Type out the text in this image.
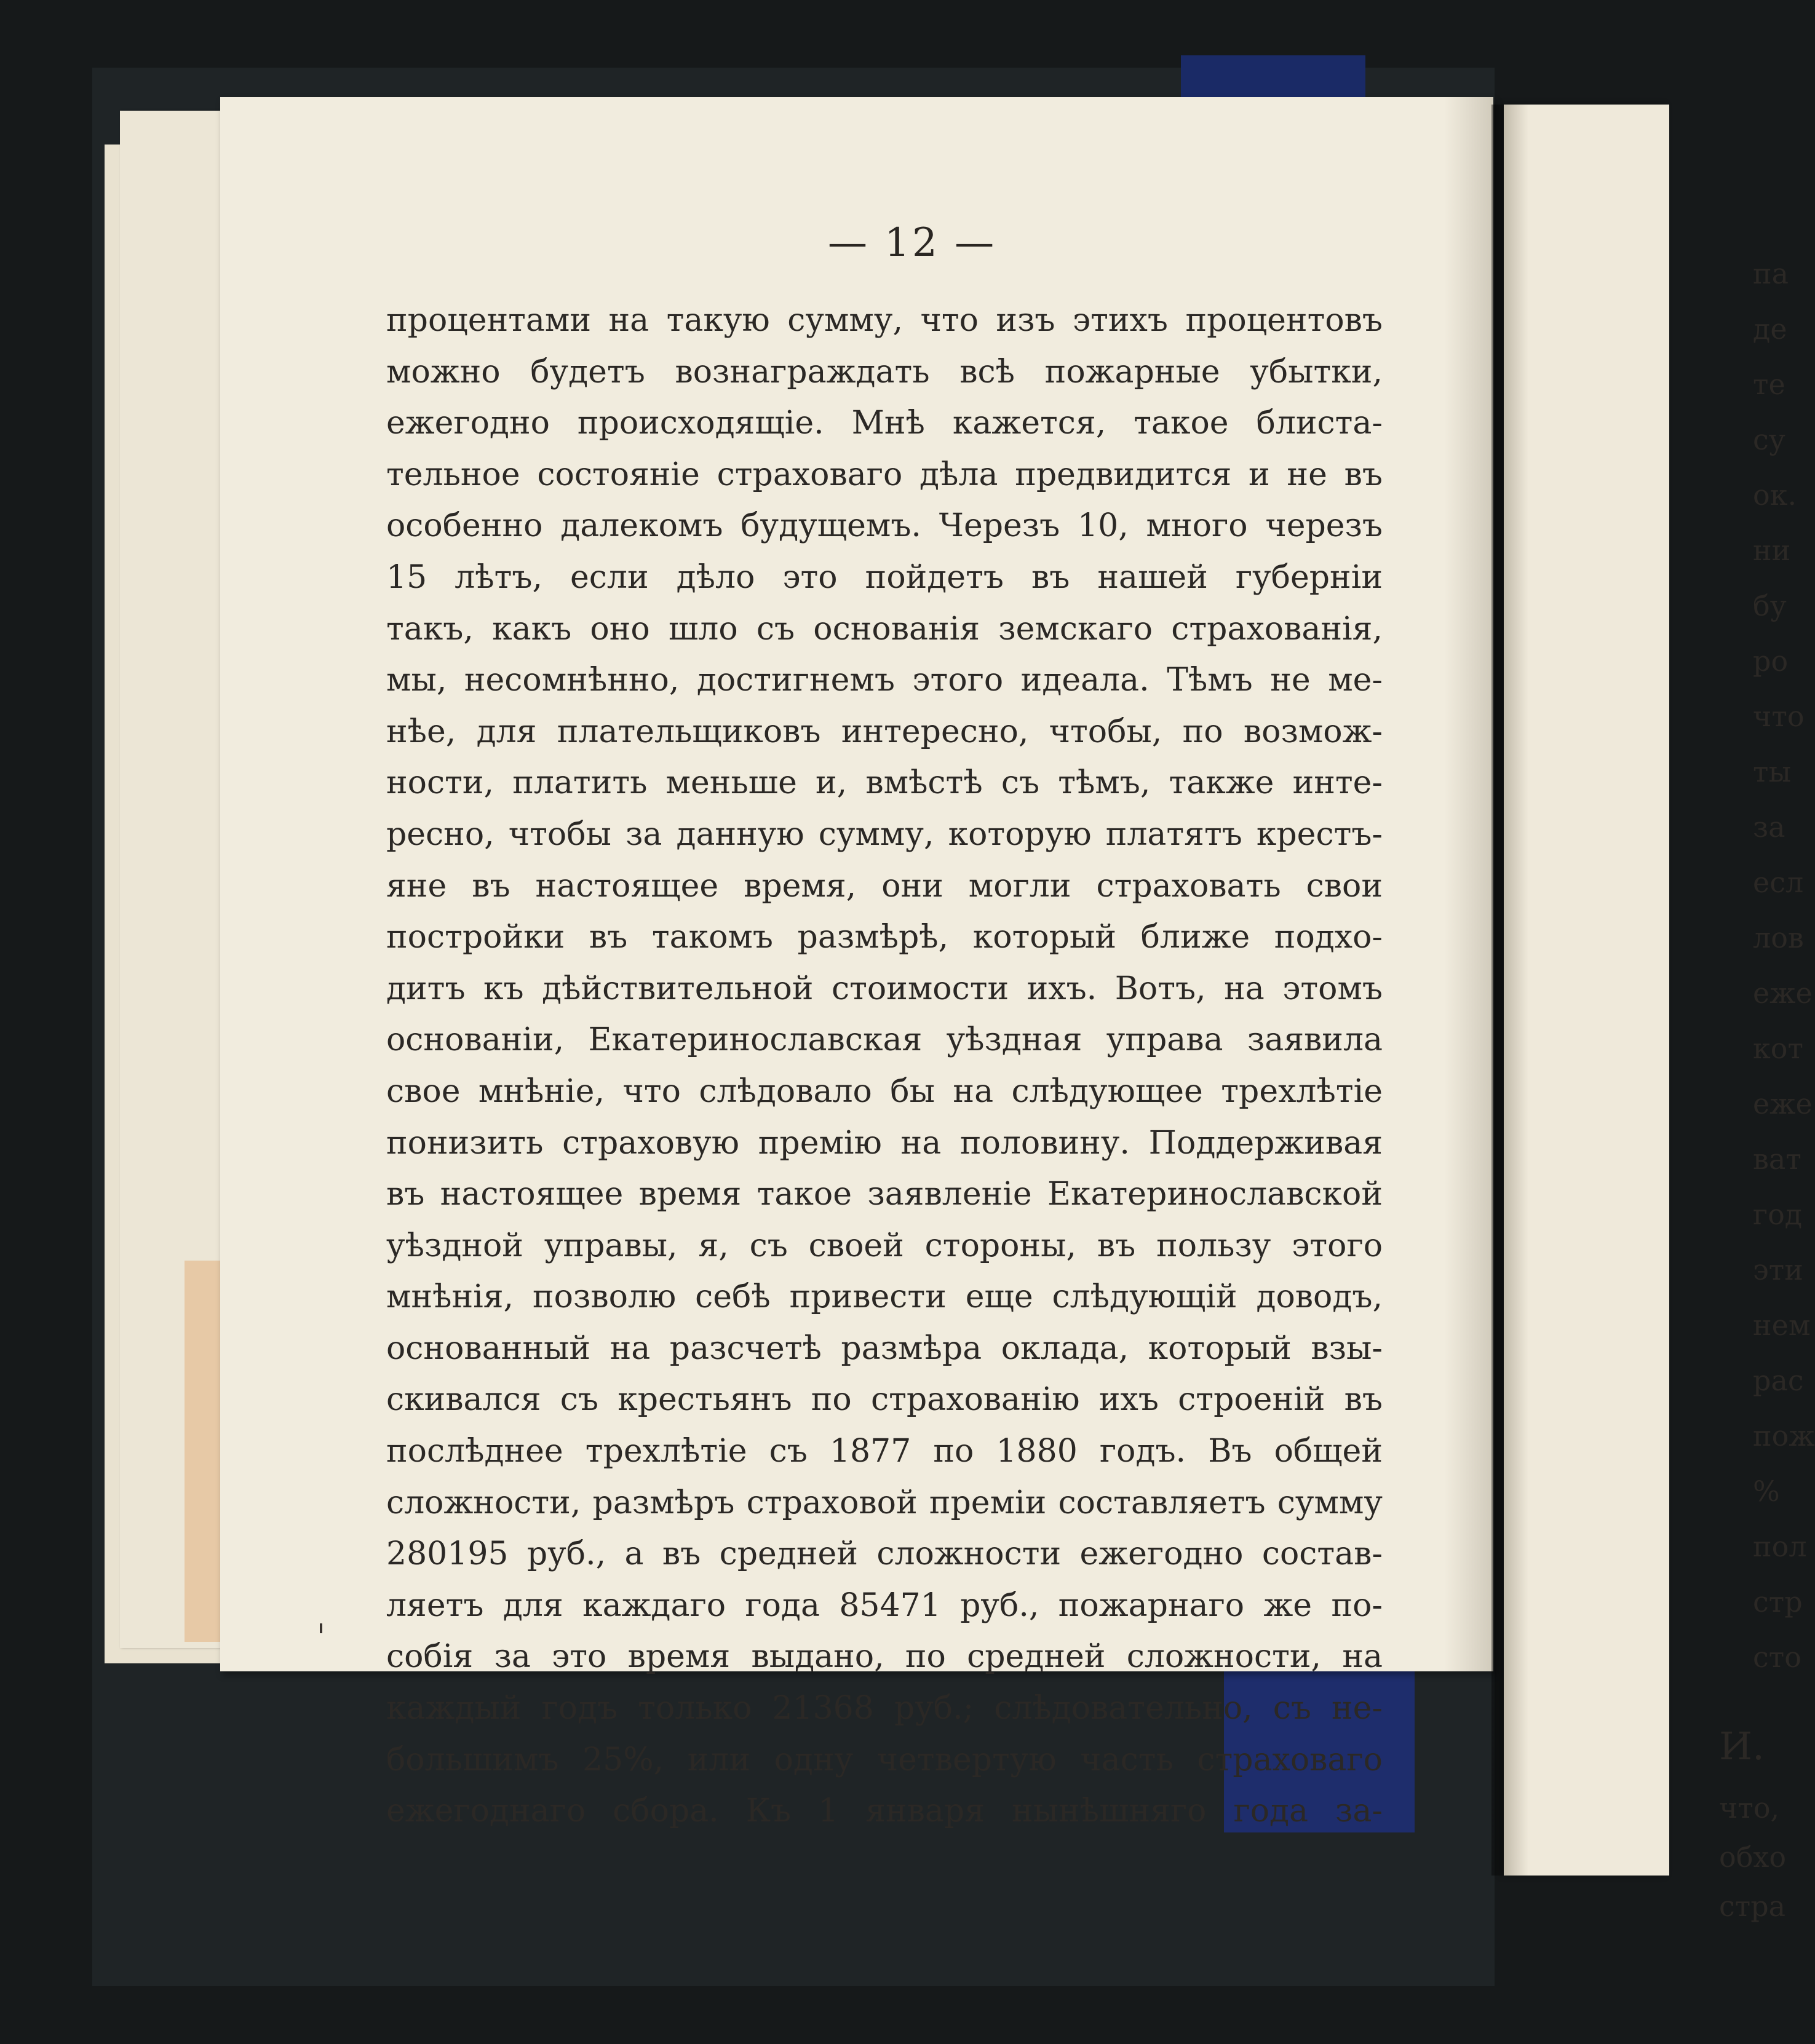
— 12 —
процентами на такую сумму, что изъ этихъ процентовъ
можно будетъ вознаграждать всѣ пожарные убытки,
ежегодно происходящіе. Мнѣ кажется, такое блиста-
тельное состояніе страховаго дѣла предвидится и не въ
особенно далекомъ будущемъ. Черезъ 10, много черезъ
15 лѣтъ, если дѣло это пойдетъ въ нашей губерніи
такъ, какъ оно шло съ основанія земскаго страхованія,
мы, несомнѣнно, достигнемъ этого идеала. Тѣмъ не ме-
нѣе, для плательщиковъ интересно, чтобы, по возмож-
ности, платить меньше и, вмѣстѣ съ тѣмъ, также инте-
ресно, чтобы за данную сумму, которую платятъ крестъ-
яне въ настоящее время, они могли страховать свои
постройки въ такомъ размѣрѣ, который ближе подхо-
дитъ къ дѣйствительной стоимости ихъ. Вотъ, на этомъ
основаніи, Екатеринославская уѣздная управа заявила
свое мнѣніе, что слѣдовало бы на слѣдующее трехлѣтіе
понизить страховую премію на половину. Поддерживая
въ настоящее время такое заявленіе Екатеринославской
уѣздной управы, я, съ своей стороны, въ пользу этого
мнѣнія, позволю себѣ привести еще слѣдующій доводъ,
основанный на разсчетѣ размѣра оклада, который взы-
скивался съ крестьянъ по страхованію ихъ строеній въ
послѣднее трехлѣтіе съ 1877 по 1880 годъ. Въ общей
сложности, размѣръ страховой преміи составляетъ сумму
280195 руб., а въ средней сложности ежегодно состав-
ляетъ для каждаго года 85471 руб., пожарнаго же по-
собія за это время выдано, по средней сложности, на
каждый годъ только 21368 руб.; слѣдовательно, съ не-
большимъ 25%, или одну четвертую часть страховаго
ежегоднаго сбора. Къ 1 января нынѣшняго года за-
па
де
те
су
ок.
ни
бу
ро
что
ты
за
есл
лов
еже
кот
еже
ват
год
эти
нем
рас
пож
%
пол
стр
сто
И.
что,
обхо
стра
